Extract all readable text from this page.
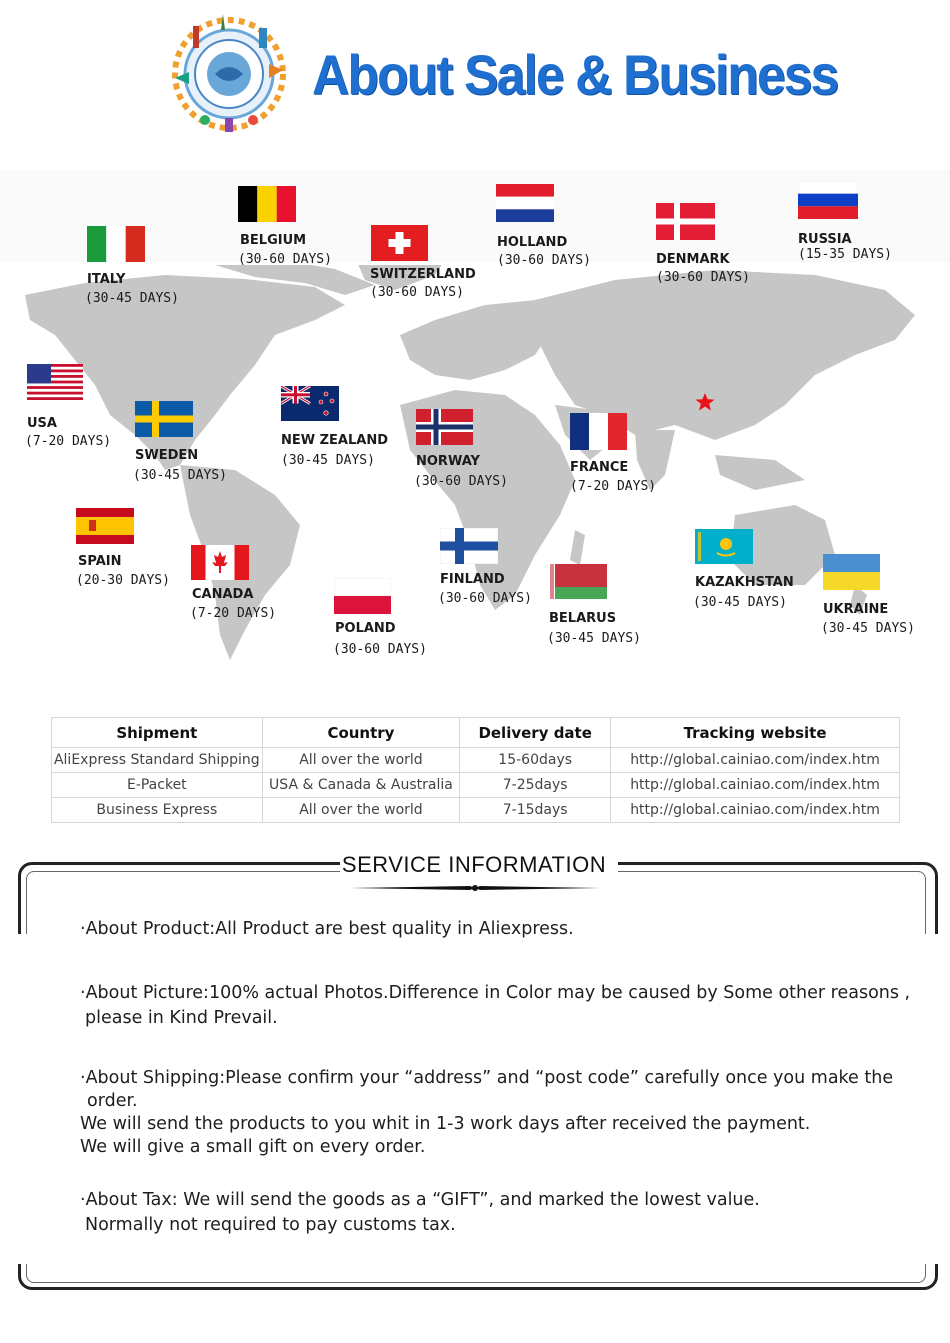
About Sale & Business
ITALY
(30-45 DAYS)
BELGIUM
(30-60 DAYS)
SWITZERLAND
(30-60 DAYS)
HOLLAND
(30-60 DAYS)	DENMARK
(30-60 DAYS)
RUSSIA
(15-35 DAYS)
USA
(7-20 DAYS)
SWEDEN
(30-45 DAYS)
NEW ZEALAND
(30-45 DAYS)	NORWAY
(30-60 DAYS)
FRANCE
(7-20 DAYS)
SPAIN
(20-30 DAYS)
CANADA
(7-20 DAYS)
POLAND
(30-60 DAYS)
FINLAND
(30-60 DAYS)
BELARUS
(30-45 DAYS)
KAZAKHSTAN
(30-45 DAYS)	UKRAINE
(30-45 DAYS)
Shipment	Country	Delivery date	Tracking website
AliExpress Standard Shipping	All over the world	15-60days	http://global.cainiao.com/index.htm
E-Packet	USA & Canada & Australia	7-25days	http://global.cainiao.com/index.htm
Business Express	All over the world	7-15days	http://global.cainiao.com/index.htm
SERVICE INFORMATION
·About Product:All Product are best quality in Aliexpress.
·About Picture:100% actual Photos.Difference in Color may be caused by Some other reasons ,
please in Kind Prevail.
·About Shipping:Please confirm your “address” and “post code” carefully once you make the
order.
We will send the products to you whit in 1-3 work days after received the payment.
We will give a small gift on every order.
·About Tax: We will send the goods as a “GIFT”, and marked the lowest value.
Normally not required to pay customs tax.
